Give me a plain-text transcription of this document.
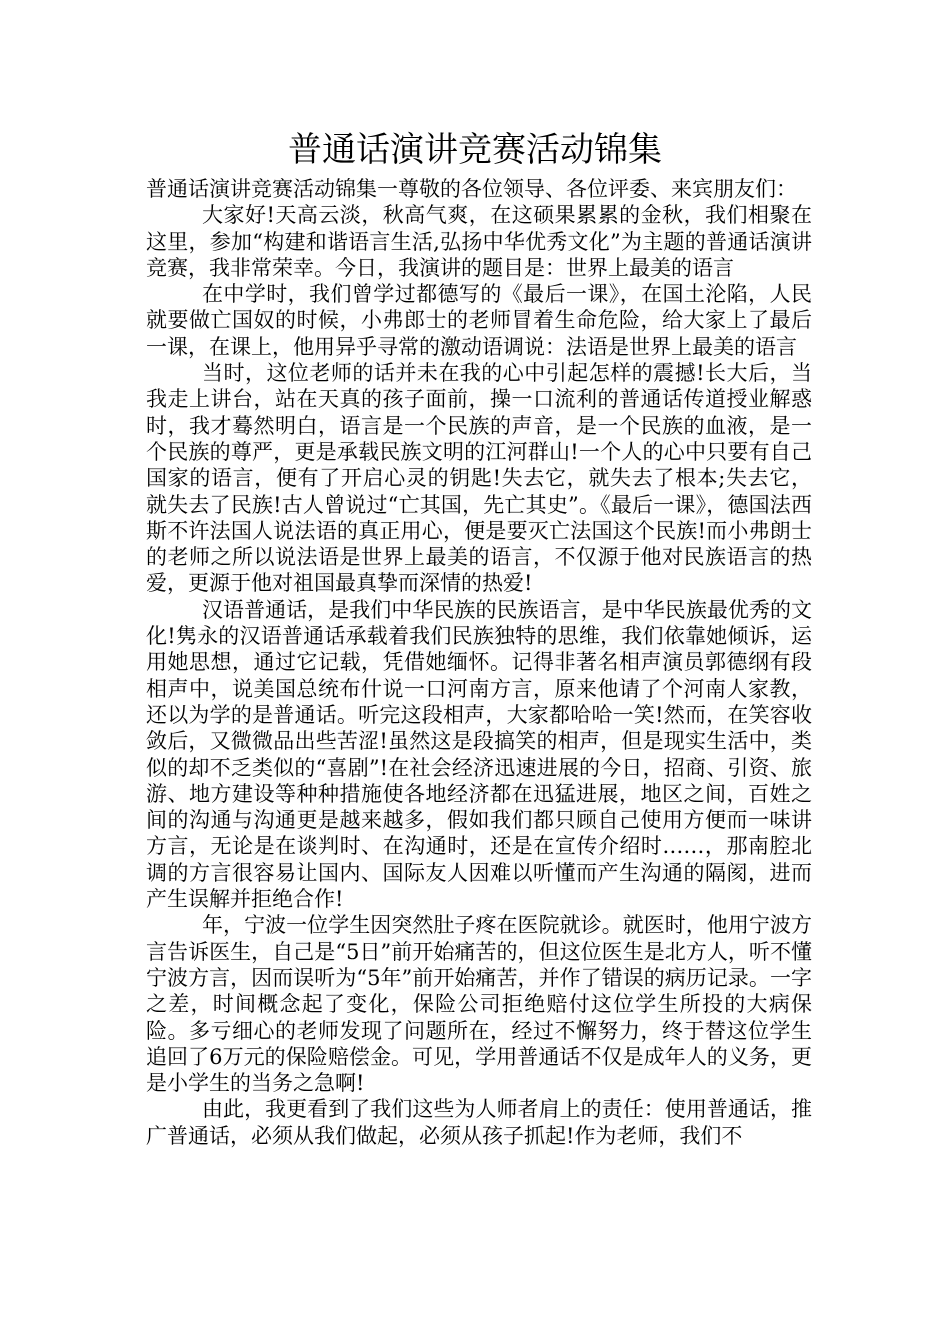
普通话演讲竞赛活动锦集

普通话演讲竞赛活动锦集一尊敬的各位领导、各位评委、来宾朋友们：

大家好!天高云淡，秋高气爽，在这硕果累累的金秋，我们相聚在这里，参加“构建和谐语言生活,弘扬中华优秀文化”为主题的普通话演讲竞赛，我非常荣幸。今日，我演讲的题目是：世界上最美的语言

在中学时，我们曾学过都德写的《最后一课》，在国土沦陷，人民就要做亡国奴的时候，小弗郎士的老师冒着生命危险，给大家上了最后一课，在课上，他用异乎寻常的激动语调说：法语是世界上最美的语言

当时，这位老师的话并未在我的心中引起怎样的震撼!长大后，当我走上讲台，站在天真的孩子面前，操一口流利的普通话传道授业解惑时，我才蓦然明白，语言是一个民族的声音，是一个民族的血液，是一个民族的尊严，更是承载民族文明的江河群山!一个人的心中只要有自己国家的语言，便有了开启心灵的钥匙!失去它，就失去了根本;失去它，就失去了民族!古人曾说过“亡其国，先亡其史”。《最后一课》，德国法西斯不许法国人说法语的真正用心，便是要灭亡法国这个民族!而小弗朗士的老师之所以说法语是世界上最美的语言，不仅源于他对民族语言的热爱，更源于他对祖国最真挚而深情的热爱!

汉语普通话，是我们中华民族的民族语言，是中华民族最优秀的文化!隽永的汉语普通话承载着我们民族独特的思维，我们依靠她倾诉，运用她思想，通过它记载，凭借她缅怀。记得非著名相声演员郭德纲有段相声中，说美国总统布什说一口河南方言，原来他请了个河南人家教，还以为学的是普通话。听完这段相声，大家都哈哈一笑!然而，在笑容收敛后，又微微品出些苦涩!虽然这是段搞笑的相声，但是现实生活中，类似的却不乏类似的“喜剧”!在社会经济迅速进展的今日，招商、引资、旅游、地方建设等种种措施使各地经济都在迅猛进展，地区之间，百姓之间的沟通与沟通更是越来越多，假如我们都只顾自己使用方便而一味讲方言，无论是在谈判时、在沟通时，还是在宣传介绍时……，那南腔北调的方言很容易让国内、国际友人因难以听懂而产生沟通的隔阂，进而产生误解并拒绝合作!

年，宁波一位学生因突然肚子疼在医院就诊。就医时，他用宁波方言告诉医生，自己是“5日”前开始痛苦的，但这位医生是北方人，听不懂宁波方言，因而误听为“5年”前开始痛苦，并作了错误的病历记录。一字之差，时间概念起了变化，保险公司拒绝赔付这位学生所投的大病保险。多亏细心的老师发现了问题所在，经过不懈努力，终于替这位学生追回了6万元的保险赔偿金。可见，学用普通话不仅是成年人的义务，更是小学生的当务之急啊!

由此，我更看到了我们这些为人师者肩上的责任：使用普通话，推广普通话，必须从我们做起，必须从孩子抓起!作为老师，我们不
